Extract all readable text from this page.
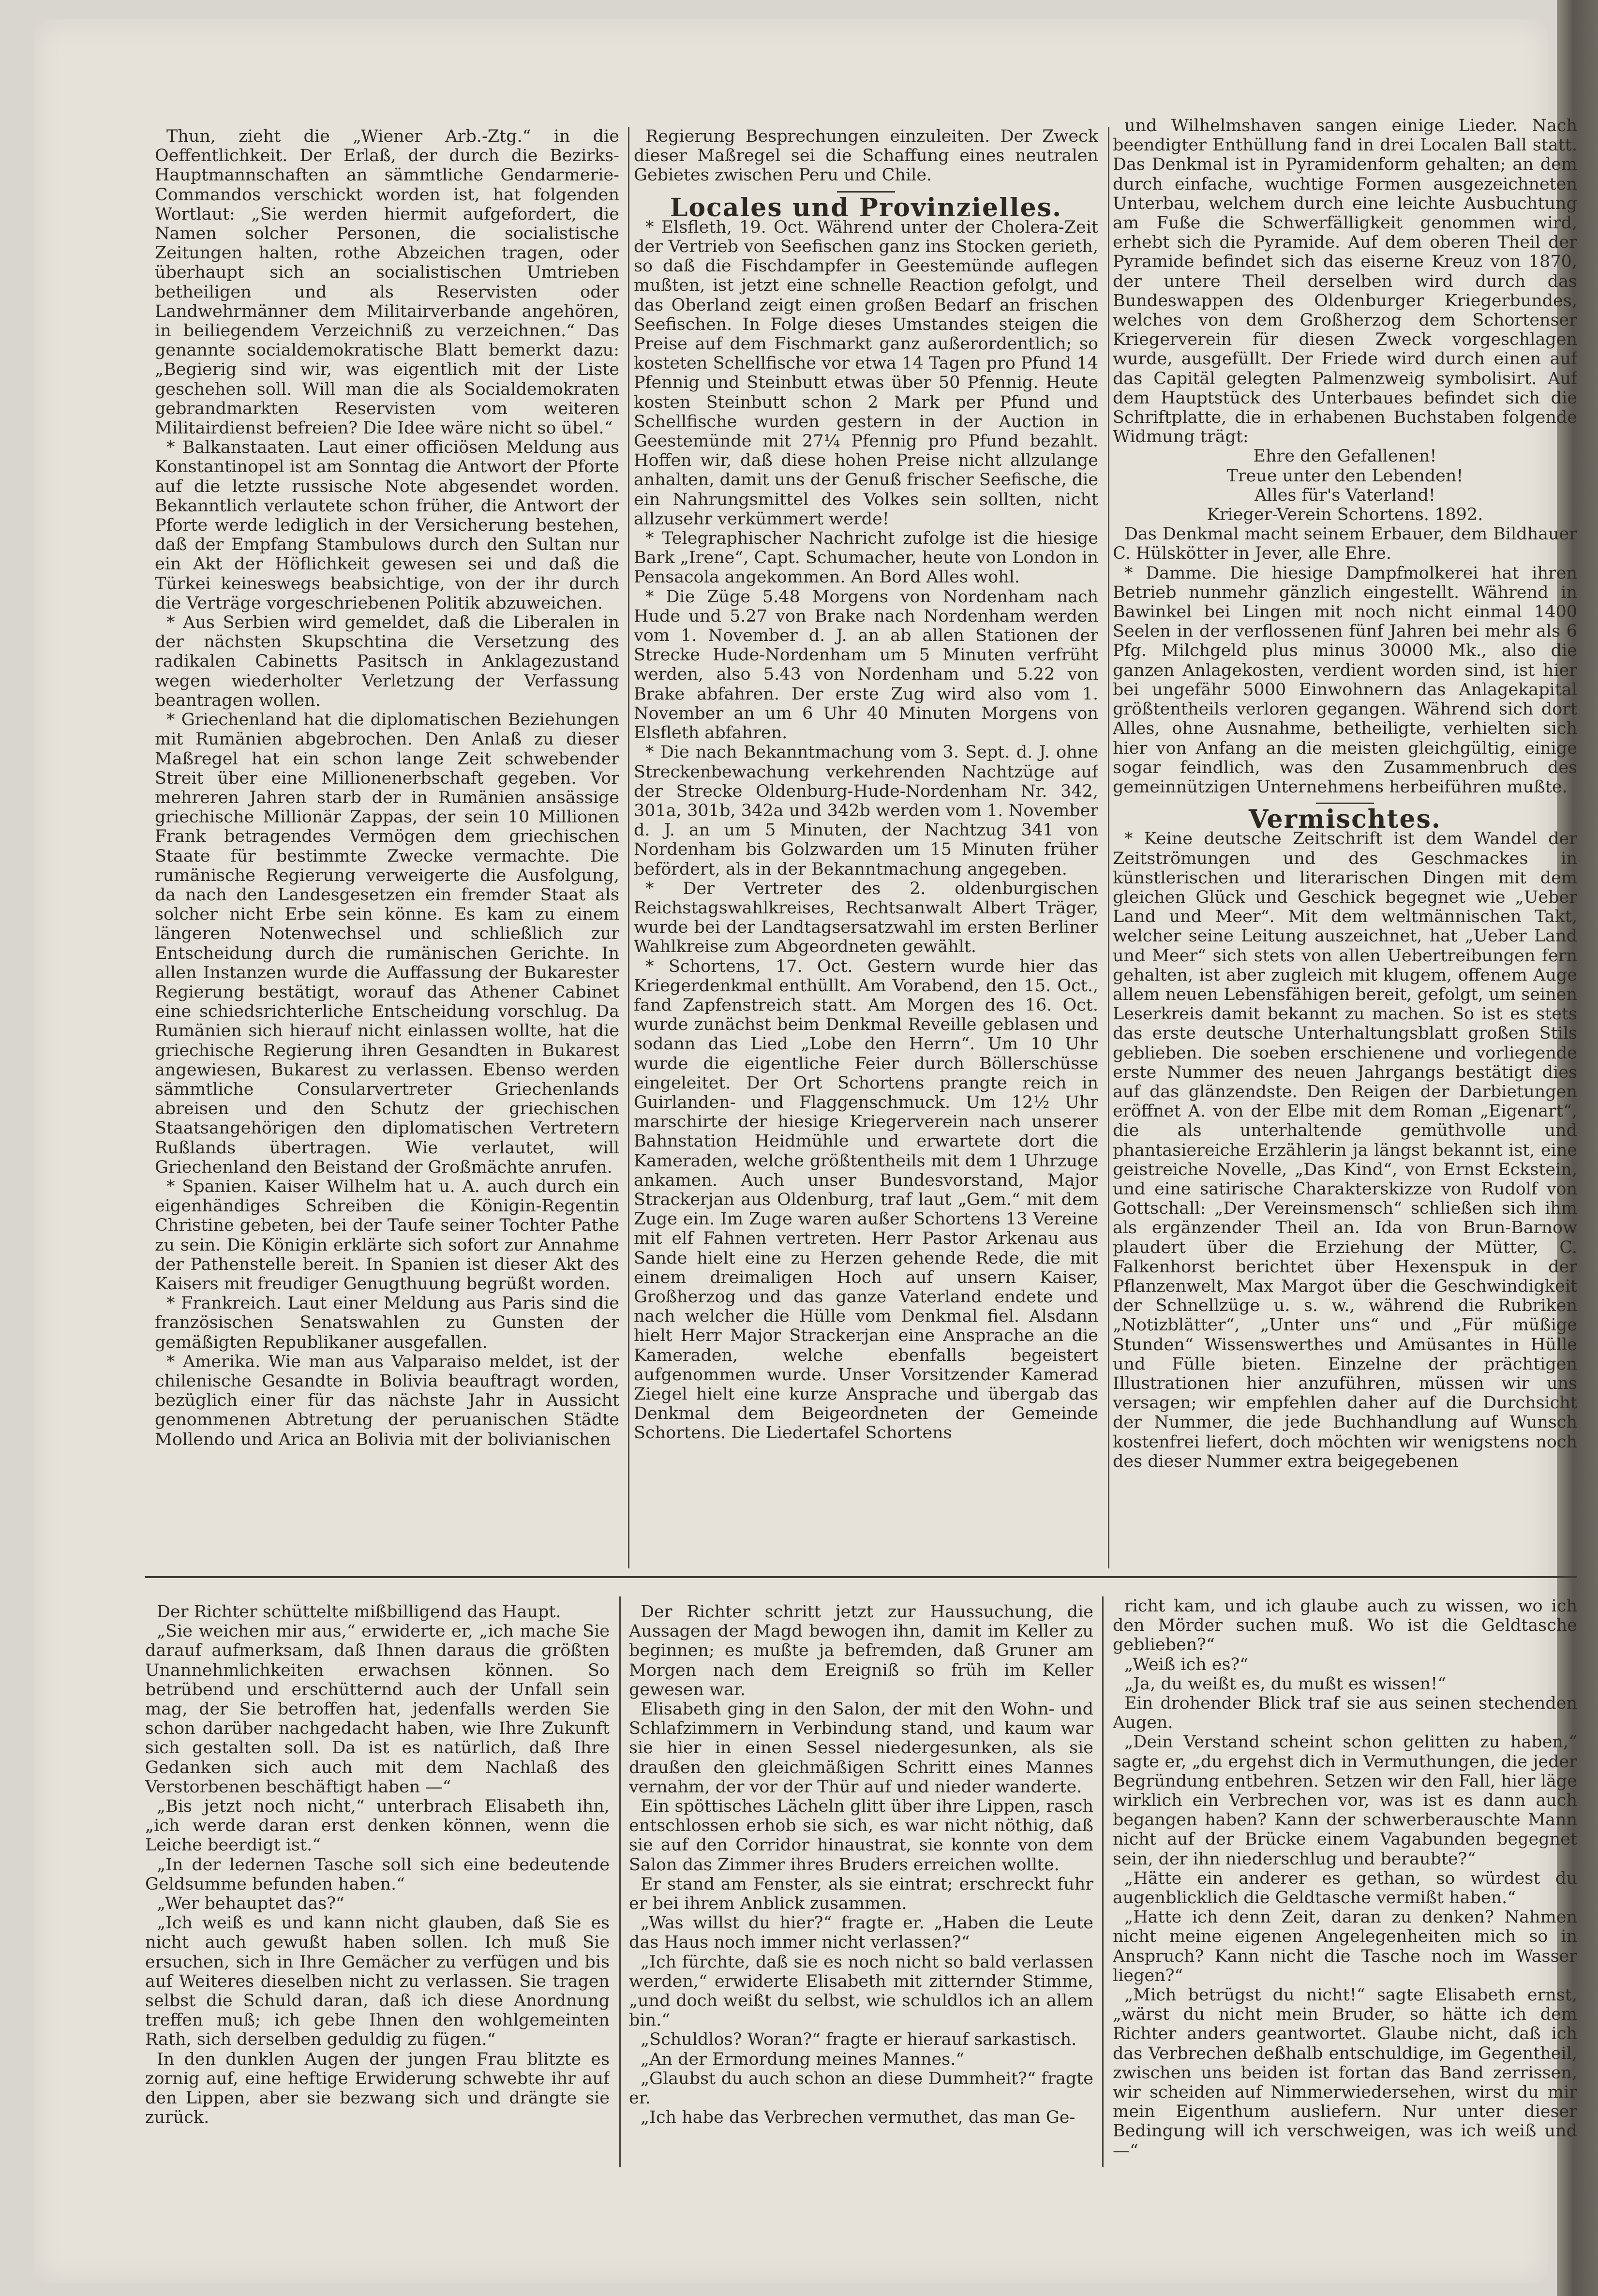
Thun, zieht die „Wiener Arb.-Ztg.“ in die Oeffentlichkeit. Der Erlaß, der durch die Bezirks-Hauptmannschaften an sämmtliche Gendarmerie-Commandos verschickt worden ist, hat folgenden Wortlaut: „Sie werden hiermit aufgefordert, die Namen solcher Personen, die socialistische Zeitungen halten, rothe Abzeichen tragen, oder überhaupt sich an socialistischen Umtrieben betheiligen und als Reservisten oder Landwehrmänner dem Militairverbande angehören, in beiliegendem Verzeichniß zu verzeichnen.“ Das genannte socialdemokratische Blatt bemerkt dazu: „Begierig sind wir, was eigentlich mit der Liste geschehen soll. Will man die als Socialdemokraten gebrandmarkten Reservisten vom weiteren Militairdienst befreien? Die Idee wäre nicht so übel.“

* Balkanstaaten. Laut einer officiösen Meldung aus Konstantinopel ist am Sonntag die Antwort der Pforte auf die letzte russische Note abgesendet worden. Bekanntlich verlautete schon früher, die Antwort der Pforte werde lediglich in der Versicherung bestehen, daß der Empfang Stambulows durch den Sultan nur ein Akt der Höflichkeit gewesen sei und daß die Türkei keineswegs beabsichtige, von der ihr durch die Verträge vorgeschriebenen Politik abzuweichen.

* Aus Serbien wird gemeldet, daß die Liberalen in der nächsten Skupschtina die Versetzung des radikalen Cabinetts Pasitsch in Anklagezustand wegen wiederholter Verletzung der Verfassung beantragen wollen.

* Griechenland hat die diplomatischen Beziehungen mit Rumänien abgebrochen. Den Anlaß zu dieser Maßregel hat ein schon lange Zeit schwebender Streit über eine Millionenerbschaft gegeben. Vor mehreren Jahren starb der in Rumänien ansässige griechische Millionär Zappas, der sein 10 Millionen Frank betragendes Vermögen dem griechischen Staate für bestimmte Zwecke vermachte. Die rumänische Regierung verweigerte die Ausfolgung, da nach den Landesgesetzen ein fremder Staat als solcher nicht Erbe sein könne. Es kam zu einem längeren Notenwechsel und schließlich zur Entscheidung durch die rumänischen Gerichte. In allen Instanzen wurde die Auffassung der Bukarester Regierung bestätigt, worauf das Athener Cabinet eine schiedsrichterliche Entscheidung vorschlug. Da Rumänien sich hierauf nicht einlassen wollte, hat die griechische Regierung ihren Gesandten in Bukarest angewiesen, Bukarest zu verlassen. Ebenso werden sämmtliche Consularvertreter Griechenlands abreisen und den Schutz der griechischen Staatsangehörigen den diplomatischen Vertretern Rußlands übertragen. Wie verlautet, will Griechenland den Beistand der Großmächte anrufen.

* Spanien. Kaiser Wilhelm hat u. A. auch durch ein eigenhändiges Schreiben die Königin-Regentin Christine gebeten, bei der Taufe seiner Tochter Pathe zu sein. Die Königin erklärte sich sofort zur Annahme der Pathenstelle bereit. In Spanien ist dieser Akt des Kaisers mit freudiger Genugthuung begrüßt worden.

* Frankreich. Laut einer Meldung aus Paris sind die französischen Senatswahlen zu Gunsten der gemäßigten Republikaner ausgefallen.

* Amerika. Wie man aus Valparaiso meldet, ist der chilenische Gesandte in Bolivia beauftragt worden, bezüglich einer für das nächste Jahr in Aussicht genommenen Abtretung der peruanischen Städte Mollendo und Arica an Bolivia mit der bolivianischen

Regierung Besprechungen einzuleiten. Der Zweck dieser Maßregel sei die Schaffung eines neutralen Gebietes zwischen Peru und Chile.

Locales und Provinzielles.

* Elsfleth, 19. Oct. Während unter der Cholera-Zeit der Vertrieb von Seefischen ganz ins Stocken gerieth, so daß die Fischdampfer in Geestemünde auflegen mußten, ist jetzt eine schnelle Reaction gefolgt, und das Oberland zeigt einen großen Bedarf an frischen Seefischen. In Folge dieses Umstandes steigen die Preise auf dem Fischmarkt ganz außerordentlich; so kosteten Schellfische vor etwa 14 Tagen pro Pfund 14 Pfennig und Steinbutt etwas über 50 Pfennig. Heute kosten Steinbutt schon 2 Mark per Pfund und Schellfische wurden gestern in der Auction in Geestemünde mit 27¼ Pfennig pro Pfund bezahlt. Hoffen wir, daß diese hohen Preise nicht allzulange anhalten, damit uns der Genuß frischer Seefische, die ein Nahrungsmittel des Volkes sein sollten, nicht allzusehr verkümmert werde!

* Telegraphischer Nachricht zufolge ist die hiesige Bark „Irene“, Capt. Schumacher, heute von London in Pensacola angekommen. An Bord Alles wohl.

* Die Züge 5.48 Morgens von Nordenham nach Hude und 5.27 von Brake nach Nordenham werden vom 1. November d. J. an ab allen Stationen der Strecke Hude-Nordenham um 5 Minuten verfrüht werden, also 5.43 von Nordenham und 5.22 von Brake abfahren. Der erste Zug wird also vom 1. November an um 6 Uhr 40 Minuten Morgens von Elsfleth abfahren.

* Die nach Bekanntmachung vom 3. Sept. d. J. ohne Streckenbewachung verkehrenden Nachtzüge auf der Strecke Oldenburg-Hude-Nordenham Nr. 342, 301a, 301b, 342a und 342b werden vom 1. November d. J. an um 5 Minuten, der Nachtzug 341 von Nordenham bis Golzwarden um 15 Minuten früher befördert, als in der Bekanntmachung angegeben.

* Der Vertreter des 2. oldenburgischen Reichstagswahlkreises, Rechtsanwalt Albert Träger, wurde bei der Landtagsersatzwahl im ersten Berliner Wahlkreise zum Abgeordneten gewählt.

* Schortens, 17. Oct. Gestern wurde hier das Kriegerdenkmal enthüllt. Am Vorabend, den 15. Oct., fand Zapfenstreich statt. Am Morgen des 16. Oct. wurde zunächst beim Denkmal Reveille geblasen und sodann das Lied „Lobe den Herrn“. Um 10 Uhr wurde die eigentliche Feier durch Böllerschüsse eingeleitet. Der Ort Schortens prangte reich in Guirlanden- und Flaggenschmuck. Um 12½ Uhr marschirte der hiesige Kriegerverein nach unserer Bahnstation Heidmühle und erwartete dort die Kameraden, welche größtentheils mit dem 1 Uhrzuge ankamen. Auch unser Bundesvorstand, Major Strackerjan aus Oldenburg, traf laut „Gem.“ mit dem Zuge ein. Im Zuge waren außer Schortens 13 Vereine mit elf Fahnen vertreten. Herr Pastor Arkenau aus Sande hielt eine zu Herzen gehende Rede, die mit einem dreimaligen Hoch auf unsern Kaiser, Großherzog und das ganze Vaterland endete und nach welcher die Hülle vom Denkmal fiel. Alsdann hielt Herr Major Strackerjan eine Ansprache an die Kameraden, welche ebenfalls begeistert aufgenommen wurde. Unser Vorsitzender Kamerad Ziegel hielt eine kurze Ansprache und übergab das Denkmal dem Beigeordneten der Gemeinde Schortens. Die Liedertafel Schortens

und Wilhelmshaven sangen einige Lieder. Nach beendigter Enthüllung fand in drei Localen Ball statt. Das Denkmal ist in Pyramidenform gehalten; an dem durch einfache, wuchtige Formen ausgezeichneten Unterbau, welchem durch eine leichte Ausbuchtung am Fuße die Schwerfälligkeit genommen wird, erhebt sich die Pyramide. Auf dem oberen Theil der Pyramide befindet sich das eiserne Kreuz von 1870, der untere Theil derselben wird durch das Bundeswappen des Oldenburger Kriegerbundes, welches von dem Großherzog dem Schortenser Kriegerverein für diesen Zweck vorgeschlagen wurde, ausgefüllt. Der Friede wird durch einen auf das Capitäl gelegten Palmenzweig symbolisirt. Auf dem Hauptstück des Unterbaues befindet sich die Schriftplatte, die in erhabenen Buchstaben folgende Widmung trägt:

Ehre den Gefallenen!

Treue unter den Lebenden!

Alles für's Vaterland!

Krieger-Verein Schortens. 1892.

Das Denkmal macht seinem Erbauer, dem Bildhauer C. Hülskötter in Jever, alle Ehre.

* Damme. Die hiesige Dampfmolkerei hat ihren Betrieb nunmehr gänzlich eingestellt. Während in Bawinkel bei Lingen mit noch nicht einmal 1400 Seelen in der verflossenen fünf Jahren bei mehr als 6 Pfg. Milchgeld plus minus 30000 Mk., also die ganzen Anlagekosten, verdient worden sind, ist hier bei ungefähr 5000 Einwohnern das Anlagekapital größtentheils verloren gegangen. Während sich dort Alles, ohne Ausnahme, betheiligte, verhielten sich hier von Anfang an die meisten gleichgültig, einige sogar feindlich, was den Zusammenbruch des gemeinnützigen Unternehmens herbeiführen mußte.

Vermischtes.

* Keine deutsche Zeitschrift ist dem Wandel der Zeitströmungen und des Geschmackes in künstlerischen und literarischen Dingen mit dem gleichen Glück und Geschick begegnet wie „Ueber Land und Meer“. Mit dem weltmännischen Takt, welcher seine Leitung auszeichnet, hat „Ueber Land und Meer“ sich stets von allen Uebertreibungen fern gehalten, ist aber zugleich mit klugem, offenem Auge allem neuen Lebensfähigen bereit, gefolgt, um seinen Leserkreis damit bekannt zu machen. So ist es stets das erste deutsche Unterhaltungsblatt großen Stils geblieben. Die soeben erschienene und vorliegende erste Nummer des neuen Jahrgangs bestätigt dies auf das glänzendste. Den Reigen der Darbietungen eröffnet A. von der Elbe mit dem Roman „Eigenart“, die als unterhaltende gemüthvolle und phantasiereiche Erzählerin ja längst bekannt ist, eine geistreiche Novelle, „Das Kind“, von Ernst Eckstein, und eine satirische Charakterskizze von Rudolf von Gottschall: „Der Vereinsmensch“ schließen sich ihm als ergänzender Theil an. Ida von Brun-Barnow plaudert über die Erziehung der Mütter, C. Falkenhorst berichtet über Hexenspuk in der Pflanzenwelt, Max Margot über die Geschwindigkeit der Schnellzüge u. s. w., während die Rubriken „Notizblätter“, „Unter uns“ und „Für müßige Stunden“ Wissenswerthes und Amüsantes in Hülle und Fülle bieten. Einzelne der prächtigen Illustrationen hier anzuführen, müssen wir uns versagen; wir empfehlen daher auf die Durchsicht der Nummer, die jede Buchhandlung auf Wunsch kostenfrei liefert, doch möchten wir wenigstens noch des dieser Nummer extra beigegebenen

Der Richter schüttelte mißbilligend das Haupt.

„Sie weichen mir aus,“ erwiderte er, „ich mache Sie darauf aufmerksam, daß Ihnen daraus die größten Unannehmlichkeiten erwachsen können. So betrübend und erschütternd auch der Unfall sein mag, der Sie betroffen hat, jedenfalls werden Sie schon darüber nachgedacht haben, wie Ihre Zukunft sich gestalten soll. Da ist es natürlich, daß Ihre Gedanken sich auch mit dem Nachlaß des Verstorbenen beschäftigt haben —“

„Bis jetzt noch nicht,“ unterbrach Elisabeth ihn, „ich werde daran erst denken können, wenn die Leiche beerdigt ist.“

„In der ledernen Tasche soll sich eine bedeutende Geldsumme befunden haben.“

„Wer behauptet das?“

„Ich weiß es und kann nicht glauben, daß Sie es nicht auch gewußt haben sollen. Ich muß Sie ersuchen, sich in Ihre Gemächer zu verfügen und bis auf Weiteres dieselben nicht zu verlassen. Sie tragen selbst die Schuld daran, daß ich diese Anordnung treffen muß; ich gebe Ihnen den wohlgemeinten Rath, sich derselben geduldig zu fügen.“

In den dunklen Augen der jungen Frau blitzte es zornig auf, eine heftige Erwiderung schwebte ihr auf den Lippen, aber sie bezwang sich und drängte sie zurück.

Der Richter schritt jetzt zur Haussuchung, die Aussagen der Magd bewogen ihn, damit im Keller zu beginnen; es mußte ja befremden, daß Gruner am Morgen nach dem Ereigniß so früh im Keller gewesen war.

Elisabeth ging in den Salon, der mit den Wohn- und Schlafzimmern in Verbindung stand, und kaum war sie hier in einen Sessel niedergesunken, als sie draußen den gleichmäßigen Schritt eines Mannes vernahm, der vor der Thür auf und nieder wanderte.

Ein spöttisches Lächeln glitt über ihre Lippen, rasch entschlossen erhob sie sich, es war nicht nöthig, daß sie auf den Corridor hinaustrat, sie konnte von dem Salon das Zimmer ihres Bruders erreichen wollte.

Er stand am Fenster, als sie eintrat; erschreckt fuhr er bei ihrem Anblick zusammen.

„Was willst du hier?“ fragte er. „Haben die Leute das Haus noch immer nicht verlassen?“

„Ich fürchte, daß sie es noch nicht so bald verlassen werden,“ erwiderte Elisabeth mit zitternder Stimme, „und doch weißt du selbst, wie schuldlos ich an allem bin.“

„Schuldlos? Woran?“ fragte er hierauf sarkastisch.

„An der Ermordung meines Mannes.“

„Glaubst du auch schon an diese Dummheit?“ fragte er.

„Ich habe das Verbrechen vermuthet, das man Ge-

richt kam, und ich glaube auch zu wissen, wo ich den Mörder suchen muß. Wo ist die Geldtasche geblieben?“

„Weiß ich es?“

„Ja, du weißt es, du mußt es wissen!“

Ein drohender Blick traf sie aus seinen stechenden Augen.

„Dein Verstand scheint schon gelitten zu haben,“ sagte er, „du ergehst dich in Vermuthungen, die jeder Begründung entbehren. Setzen wir den Fall, hier läge wirklich ein Verbrechen vor, was ist es dann auch begangen haben? Kann der schwerberauschte Mann nicht auf der Brücke einem Vagabunden begegnet sein, der ihn niederschlug und beraubte?“

„Hätte ein anderer es gethan, so würdest du augenblicklich die Geldtasche vermißt haben.“

„Hatte ich denn Zeit, daran zu denken? Nahmen nicht meine eigenen Angelegenheiten mich so in Anspruch? Kann nicht die Tasche noch im Wasser liegen?“

„Mich betrügst du nicht!“ sagte Elisabeth ernst, „wärst du nicht mein Bruder, so hätte ich dem Richter anders geantwortet. Glaube nicht, daß ich das Verbrechen deßhalb entschuldige, im Gegentheil, zwischen uns beiden ist fortan das Band zerrissen, wir scheiden auf Nimmerwiedersehen, wirst du mir mein Eigenthum ausliefern. Nur unter dieser Bedingung will ich verschweigen, was ich weiß und —“
